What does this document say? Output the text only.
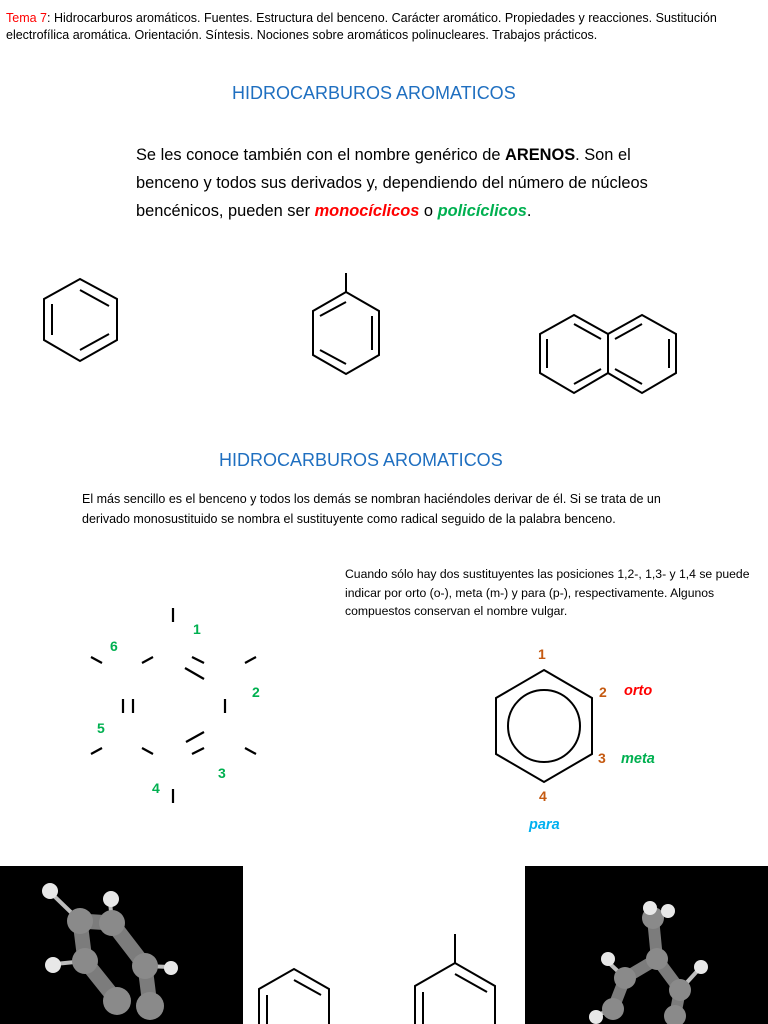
Tema 7: Hidrocarburos aromáticos. Fuentes. Estructura del benceno. Carácter aromático. Propiedades y reacciones. Sustitución electrofílica aromática. Orientación. Síntesis. Nociones sobre aromáticos polinucleares. Trabajos prácticos.
HIDROCARBUROS AROMATICOS
Se les conoce también con el nombre genérico de ARENOS. Son el benceno y todos sus derivados y, dependiendo del número de núcleos bencénicos, pueden ser monocíclicos o policíclicos.
HIDROCARBUROS AROMATICOS
El más sencillo es el benceno y todos los demás se nombran haciéndoles derivar de él. Si se trata de un derivado monosustituido se nombra el sustituyente como radical seguido de la palabra benceno.
Cuando sólo hay dos sustituyentes las posiciones 1,2-, 1,3- y 1,4 se puede indicar por orto (o-), meta (m-) y para (p-), respectivamente. Algunos compuestos conservan el nombre vulgar.
1
2
3
4
5
6	1
2
3
4
orto
meta
para
